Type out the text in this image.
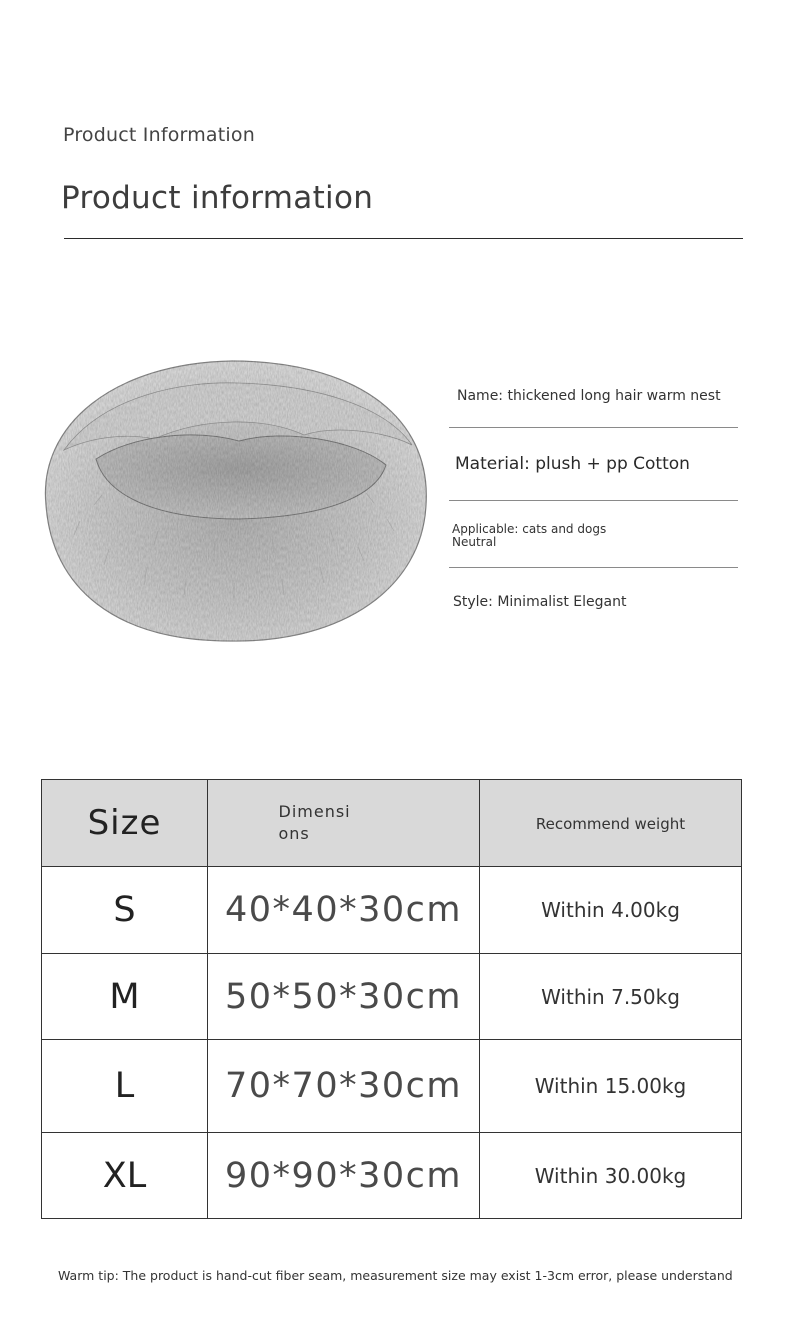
Product Information
Product information
Name: thickened long hair warm nest
Material: plush + pp Cotton
Applicable: cats and dogs
Neutral
Style: Minimalist Elegant
Size	Dimensions	Recommend weight
S	40*40*30cm	Within 4.00kg
M	50*50*30cm	Within 7.50kg
L	70*70*30cm	Within 15.00kg
XL	90*90*30cm	Within 30.00kg
Warm tip: The product is hand-cut fiber seam, measurement size may exist 1-3cm error, please understand
